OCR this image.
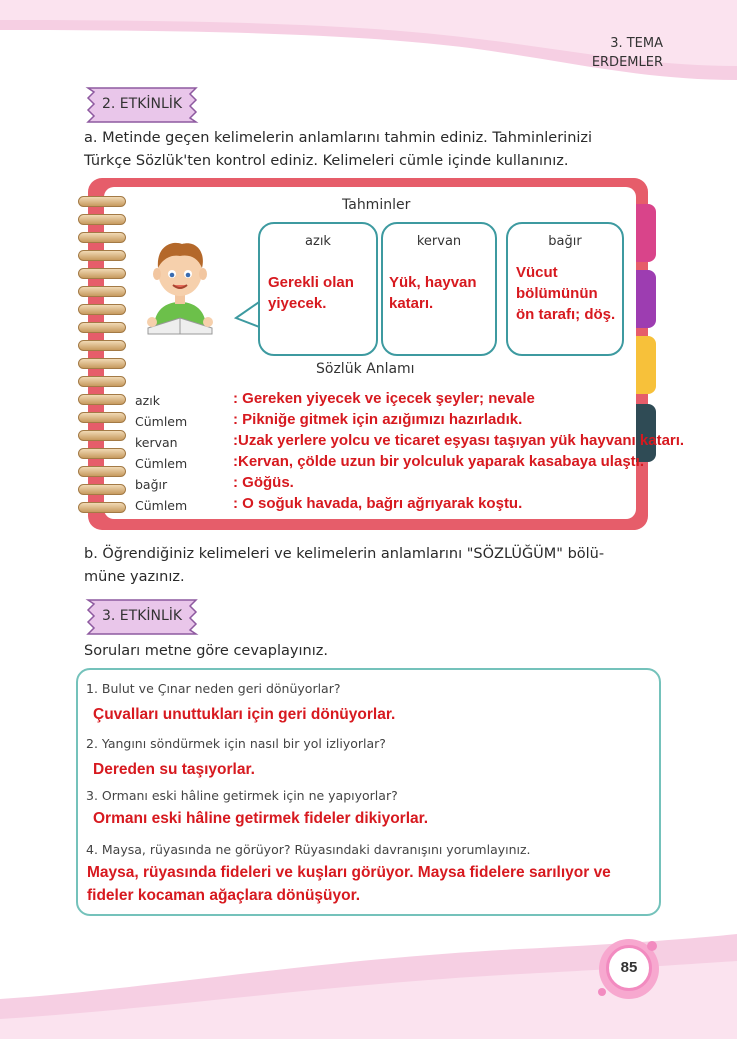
3. TEMA
ERDEMLER
2. ETKİNLİK
a. Metinde geçen kelimelerin anlamlarını tahmin ediniz. Tahminlerinizi
Türkçe Sözlük'ten kontrol ediniz. Kelimeleri cümle içinde kullanınız.
Tahminler
azık
Gerekli olan
yiyecek.
kervan
Yük, hayvan
katarı.
bağır
Vücut
bölümünün
ön tarafı; döş.
Sözlük Anlamı
azık	: Gereken yiyecek ve içecek şeyler; nevale
Cümlem	: Pikniğe gitmek için azığımızı hazırladık.
kervan	:Uzak yerlere yolcu ve ticaret eşyası taşıyan yük hayvanı katarı.
Cümlem	:Kervan, çölde uzun bir yolculuk yaparak kasabaya ulaştı.
bağır	: Göğüs.
Cümlem	: O soğuk havada, bağrı ağrıyarak koştu.
b. Öğrendiğiniz kelimeleri ve kelimelerin anlamlarını "SÖZLÜĞÜM" bölü-
müne yazınız.
3. ETKİNLİK
Soruları metne göre cevaplayınız.
1. Bulut ve Çınar neden geri dönüyorlar?
Çuvalları unuttukları için geri dönüyorlar.
2. Yangını söndürmek için nasıl bir yol izliyorlar?
Dereden su taşıyorlar.
3. Ormanı eski hâline getirmek için ne yapıyorlar?
Ormanı eski hâline getirmek fideler dikiyorlar.
4. Maysa, rüyasında ne görüyor? Rüyasındaki davranışını yorumlayınız.
Maysa, rüyasında fideleri ve kuşları görüyor. Maysa fidelere sarılıyor ve
fideler kocaman ağaçlara dönüşüyor.
85
